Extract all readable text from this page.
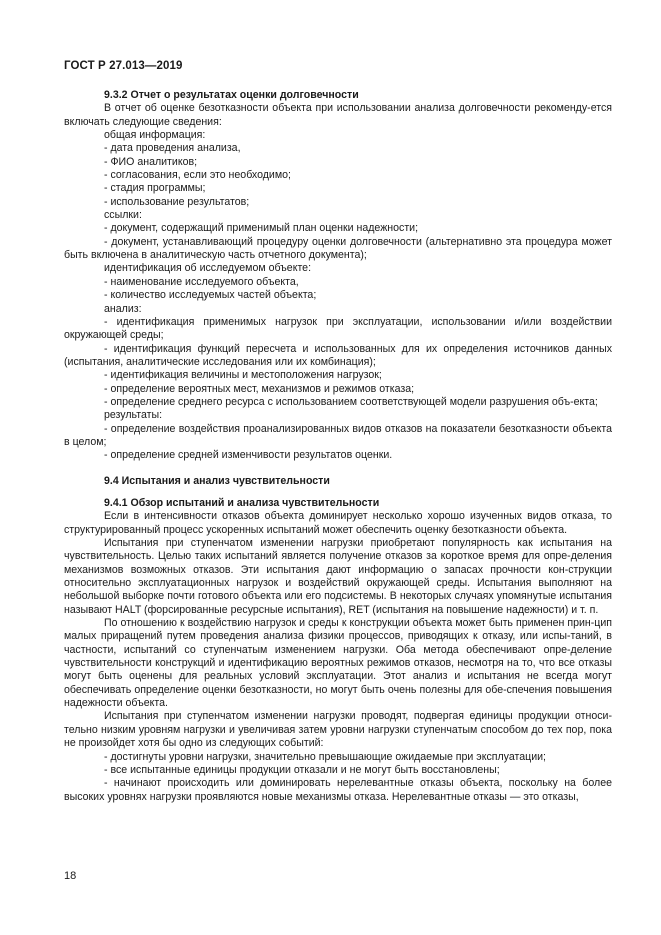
ГОСТ Р 27.013—2019

9.3.2 Отчет о результатах оценки долговечности

В отчет об оценке безотказности объекта при использовании анализа долговечности рекоменду-ется включать следующие сведения:

общая информация:

- дата проведения анализа,

- ФИО аналитиков;

- согласования, если это необходимо;

- стадия программы;

- использование результатов;

ссылки:

- документ, содержащий применимый план оценки надежности;

- документ, устанавливающий процедуру оценки долговечности (альтернативно эта процедура может быть включена в аналитическую часть отчетного документа);

идентификация об исследуемом объекте:

- наименование исследуемого объекта,

- количество исследуемых частей объекта;

анализ:

- идентификация применимых нагрузок при эксплуатации, использовании и/или воздействии окружающей среды;

- идентификация функций пересчета и использованных для их определения источников данных (испытания, аналитические исследования или их комбинация);

- идентификация величины и местоположения нагрузок;

- определение вероятных мест, механизмов и режимов отказа;

- определение среднего ресурса с использованием соответствующей модели разрушения объ-екта;

результаты:

- определение воздействия проанализированных видов отказов на показатели безотказности объекта в целом;

- определение средней изменчивости результатов оценки.

9.4 Испытания и анализ чувствительности

9.4.1 Обзор испытаний и анализа чувствительности

Если в интенсивности отказов объекта доминирует несколько хорошо изученных видов отказа, то структурированный процесс ускоренных испытаний может обеспечить оценку безотказности объекта.

Испытания при ступенчатом изменении нагрузки приобретают популярность как испытания на чувствительность. Целью таких испытаний является получение отказов за короткое время для опре-деления механизмов возможных отказов. Эти испытания дают информацию о запасах прочности кон-струкции относительно эксплуатационных нагрузок и воздействий окружающей среды. Испытания выполняют на небольшой выборке почти готового объекта или его подсистемы. В некоторых случаях упомянутые испытания называют HALT (форсированные ресурсные испытания), RET (испытания на повышение надежности) и т. п.

По отношению к воздействию нагрузок и среды к конструкции объекта может быть применен прин-цип малых приращений путем проведения анализа физики процессов, приводящих к отказу, или испы-таний, в частности, испытаний со ступенчатым изменением нагрузки. Оба метода обеспечивают опре-деление чувствительности конструкций и идентификацию вероятных режимов отказов, несмотря на то, что все отказы могут быть оценены для реальных условий эксплуатации. Этот анализ и испытания не всегда могут обеспечивать определение оценки безотказности, но могут быть очень полезны для обе-спечения повышения надежности объекта.

Испытания при ступенчатом изменении нагрузки проводят, подвергая единицы продукции относи-тельно низким уровням нагрузки и увеличивая затем уровни нагрузки ступенчатым способом до тех пор, пока не произойдет хотя бы одно из следующих событий:

- достигнуты уровни нагрузки, значительно превышающие ожидаемые при эксплуатации;

- все испытанные единицы продукции отказали и не могут быть восстановлены;

- начинают происходить или доминировать нерелевантные отказы объекта, поскольку на более высоких уровнях нагрузки проявляются новые механизмы отказа. Нерелевантные отказы — это отказы,

18
